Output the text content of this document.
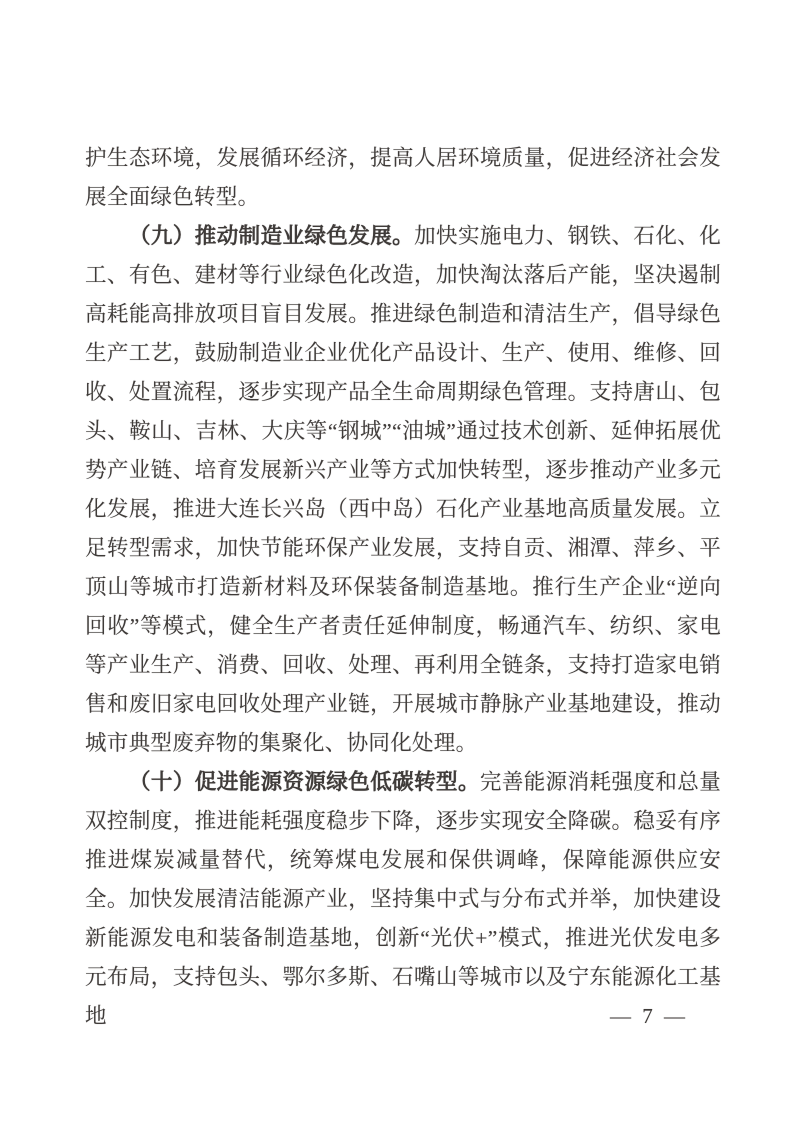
护生态环境，发展循环经济，提高人居环境质量，促进经济社会发展全面绿色转型。

（九）推动制造业绿色发展。加快实施电力、钢铁、石化、化工、有色、建材等行业绿色化改造，加快淘汰落后产能，坚决遏制高耗能高排放项目盲目发展。推进绿色制造和清洁生产，倡导绿色生产工艺，鼓励制造业企业优化产品设计、生产、使用、维修、回收、处置流程，逐步实现产品全生命周期绿色管理。支持唐山、包头、鞍山、吉林、大庆等“钢城”“油城”通过技术创新、延伸拓展优势产业链、培育发展新兴产业等方式加快转型，逐步推动产业多元化发展，推进大连长兴岛（西中岛）石化产业基地高质量发展。立足转型需求，加快节能环保产业发展，支持自贡、湘潭、萍乡、平顶山等城市打造新材料及环保装备制造基地。推行生产企业“逆向回收”等模式，健全生产者责任延伸制度，畅通汽车、纺织、家电等产业生产、消费、回收、处理、再利用全链条，支持打造家电销售和废旧家电回收处理产业链，开展城市静脉产业基地建设，推动城市典型废弃物的集聚化、协同化处理。

（十）促进能源资源绿色低碳转型。完善能源消耗强度和总量双控制度，推进能耗强度稳步下降，逐步实现安全降碳。稳妥有序推进煤炭减量替代，统筹煤电发展和保供调峰，保障能源供应安全。加快发展清洁能源产业，坚持集中式与分布式并举，加快建设新能源发电和装备制造基地，创新“光伏+”模式，推进光伏发电多元布局，支持包头、鄂尔多斯、石嘴山等城市以及宁东能源化工基地	— 7 —
